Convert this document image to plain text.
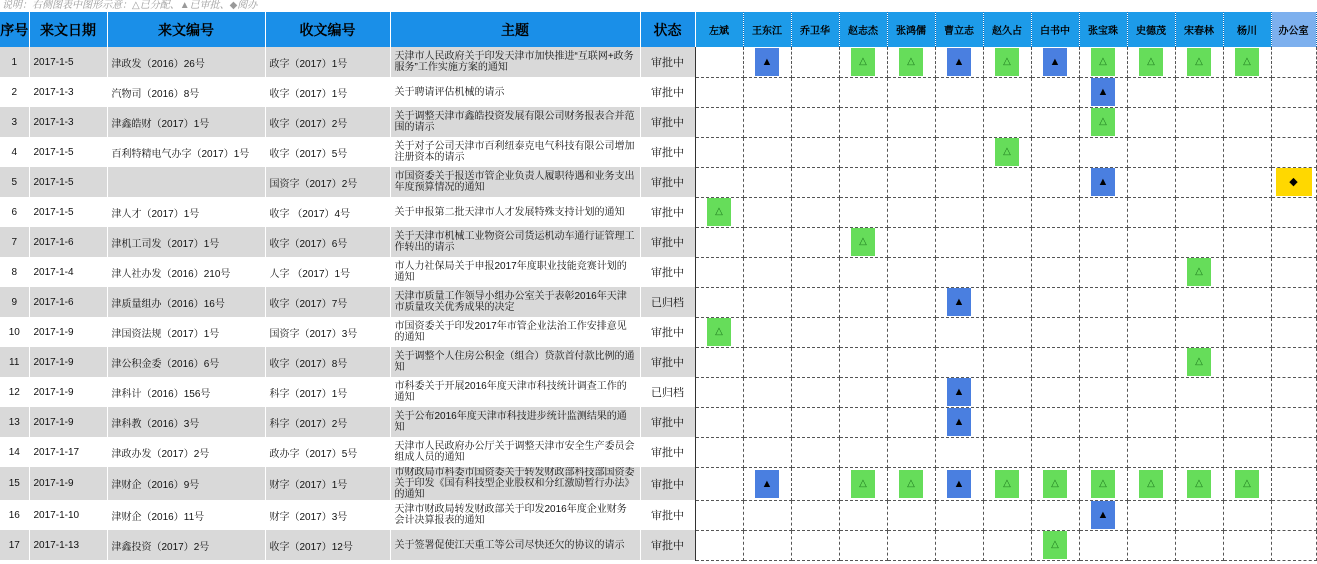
说明：右侧图表中图形示意：△已分配、▲已审批、◆阅办
序号	来文日期	来文编号	收文编号	主题	状态	左斌	王东江	乔卫华	赵志杰	张鸿儒	曹立志	赵久占	白书中	张宝珠	史德茂	宋春林	杨川	办公室
1	2017-1-5	津政发（2016）26号	政字（2017）1号	天津市人民政府关于印发天津市加快推进“互联网+政务服务”工作实施方案的通知	审批中		▲		△	△	▲	△	▲	△	△	△	△	
2	2017-1-3	汽物司（2016）8号	收字（2017）1号	关于聘请评估机械的请示	审批中									▲				
3	2017-1-3	津鑫皓财（2017）1号	收字（2017）2号	关于调整天津市鑫皓投资发展有限公司财务报表合并范围的请示	审批中									△				
4	2017-1-5	百利特精电气办字（2017）1号	收字（2017）5号	关于对子公司天津市百利纽泰克电气科技有限公司增加注册资本的请示	审批中							△						
5	2017-1-5		国资字（2017）2号	市国资委关于报送市管企业负责人履职待遇和业务支出年度预算情况的通知	审批中									▲				◆
6	2017-1-5	津人才（2017）1号	收字 （2017）4号	关于申报第二批天津市人才发展特殊支持计划的通知	审批中	△												
7	2017-1-6	津机工司发（2017）1号	收字（2017）6号	关于天津市机械工业物资公司货运机动车通行证管理工作转出的请示	审批中				△									
8	2017-1-4	津人社办发（2016）210号	人字 （2017）1号	市人力社保局关于申报2017年度职业技能竞赛计划的通知	审批中											△		
9	2017-1-6	津质量组办（2016）16号	收字（2017）7号	天津市质量工作领导小组办公室关于表彰2016年天津市质量攻关优秀成果的决定	已归档						▲							
10	2017-1-9	津国资法规（2017）1号	国资字（2017）3号	市国资委关于印发2017年市管企业法治工作安排意见的通知	审批中	△												
11	2017-1-9	津公积金委（2016）6号	收字（2017）8号	关于调整个人住房公积金（组合）贷款首付款比例的通知	审批中											△		
12	2017-1-9	津科计（2016）156号	科字（2017）1号	市科委关于开展2016年度天津市科技统计调查工作的通知	已归档						▲							
13	2017-1-9	津科教（2016）3号	科字（2017）2号	关于公布2016年度天津市科技进步统计监测结果的通知	审批中						▲							
14	2017-1-17	津政办发（2017）2号	政办字（2017）5号	天津市人民政府办公厅关于调整天津市安全生产委员会组成人员的通知	审批中													
15	2017-1-9	津财企（2016）9号	财字（2017）1号	市财政局市科委市国资委关于转发财政部科技部国资委关于印发《国有科技型企业股权和分红激励暂行办法》的通知	审批中		▲		△	△	▲	△	△	△	△	△	△	
16	2017-1-10	津财企（2016）11号	财字（2017）3号	天津市财政局转发财政部关于印发2016年度企业财务会计决算报表的通知	审批中									▲				
17	2017-1-13	津鑫投资（2017）2号	收字（2017）12号	关于签署促使江天重工等公司尽快还欠的协议的请示	审批中								△					
